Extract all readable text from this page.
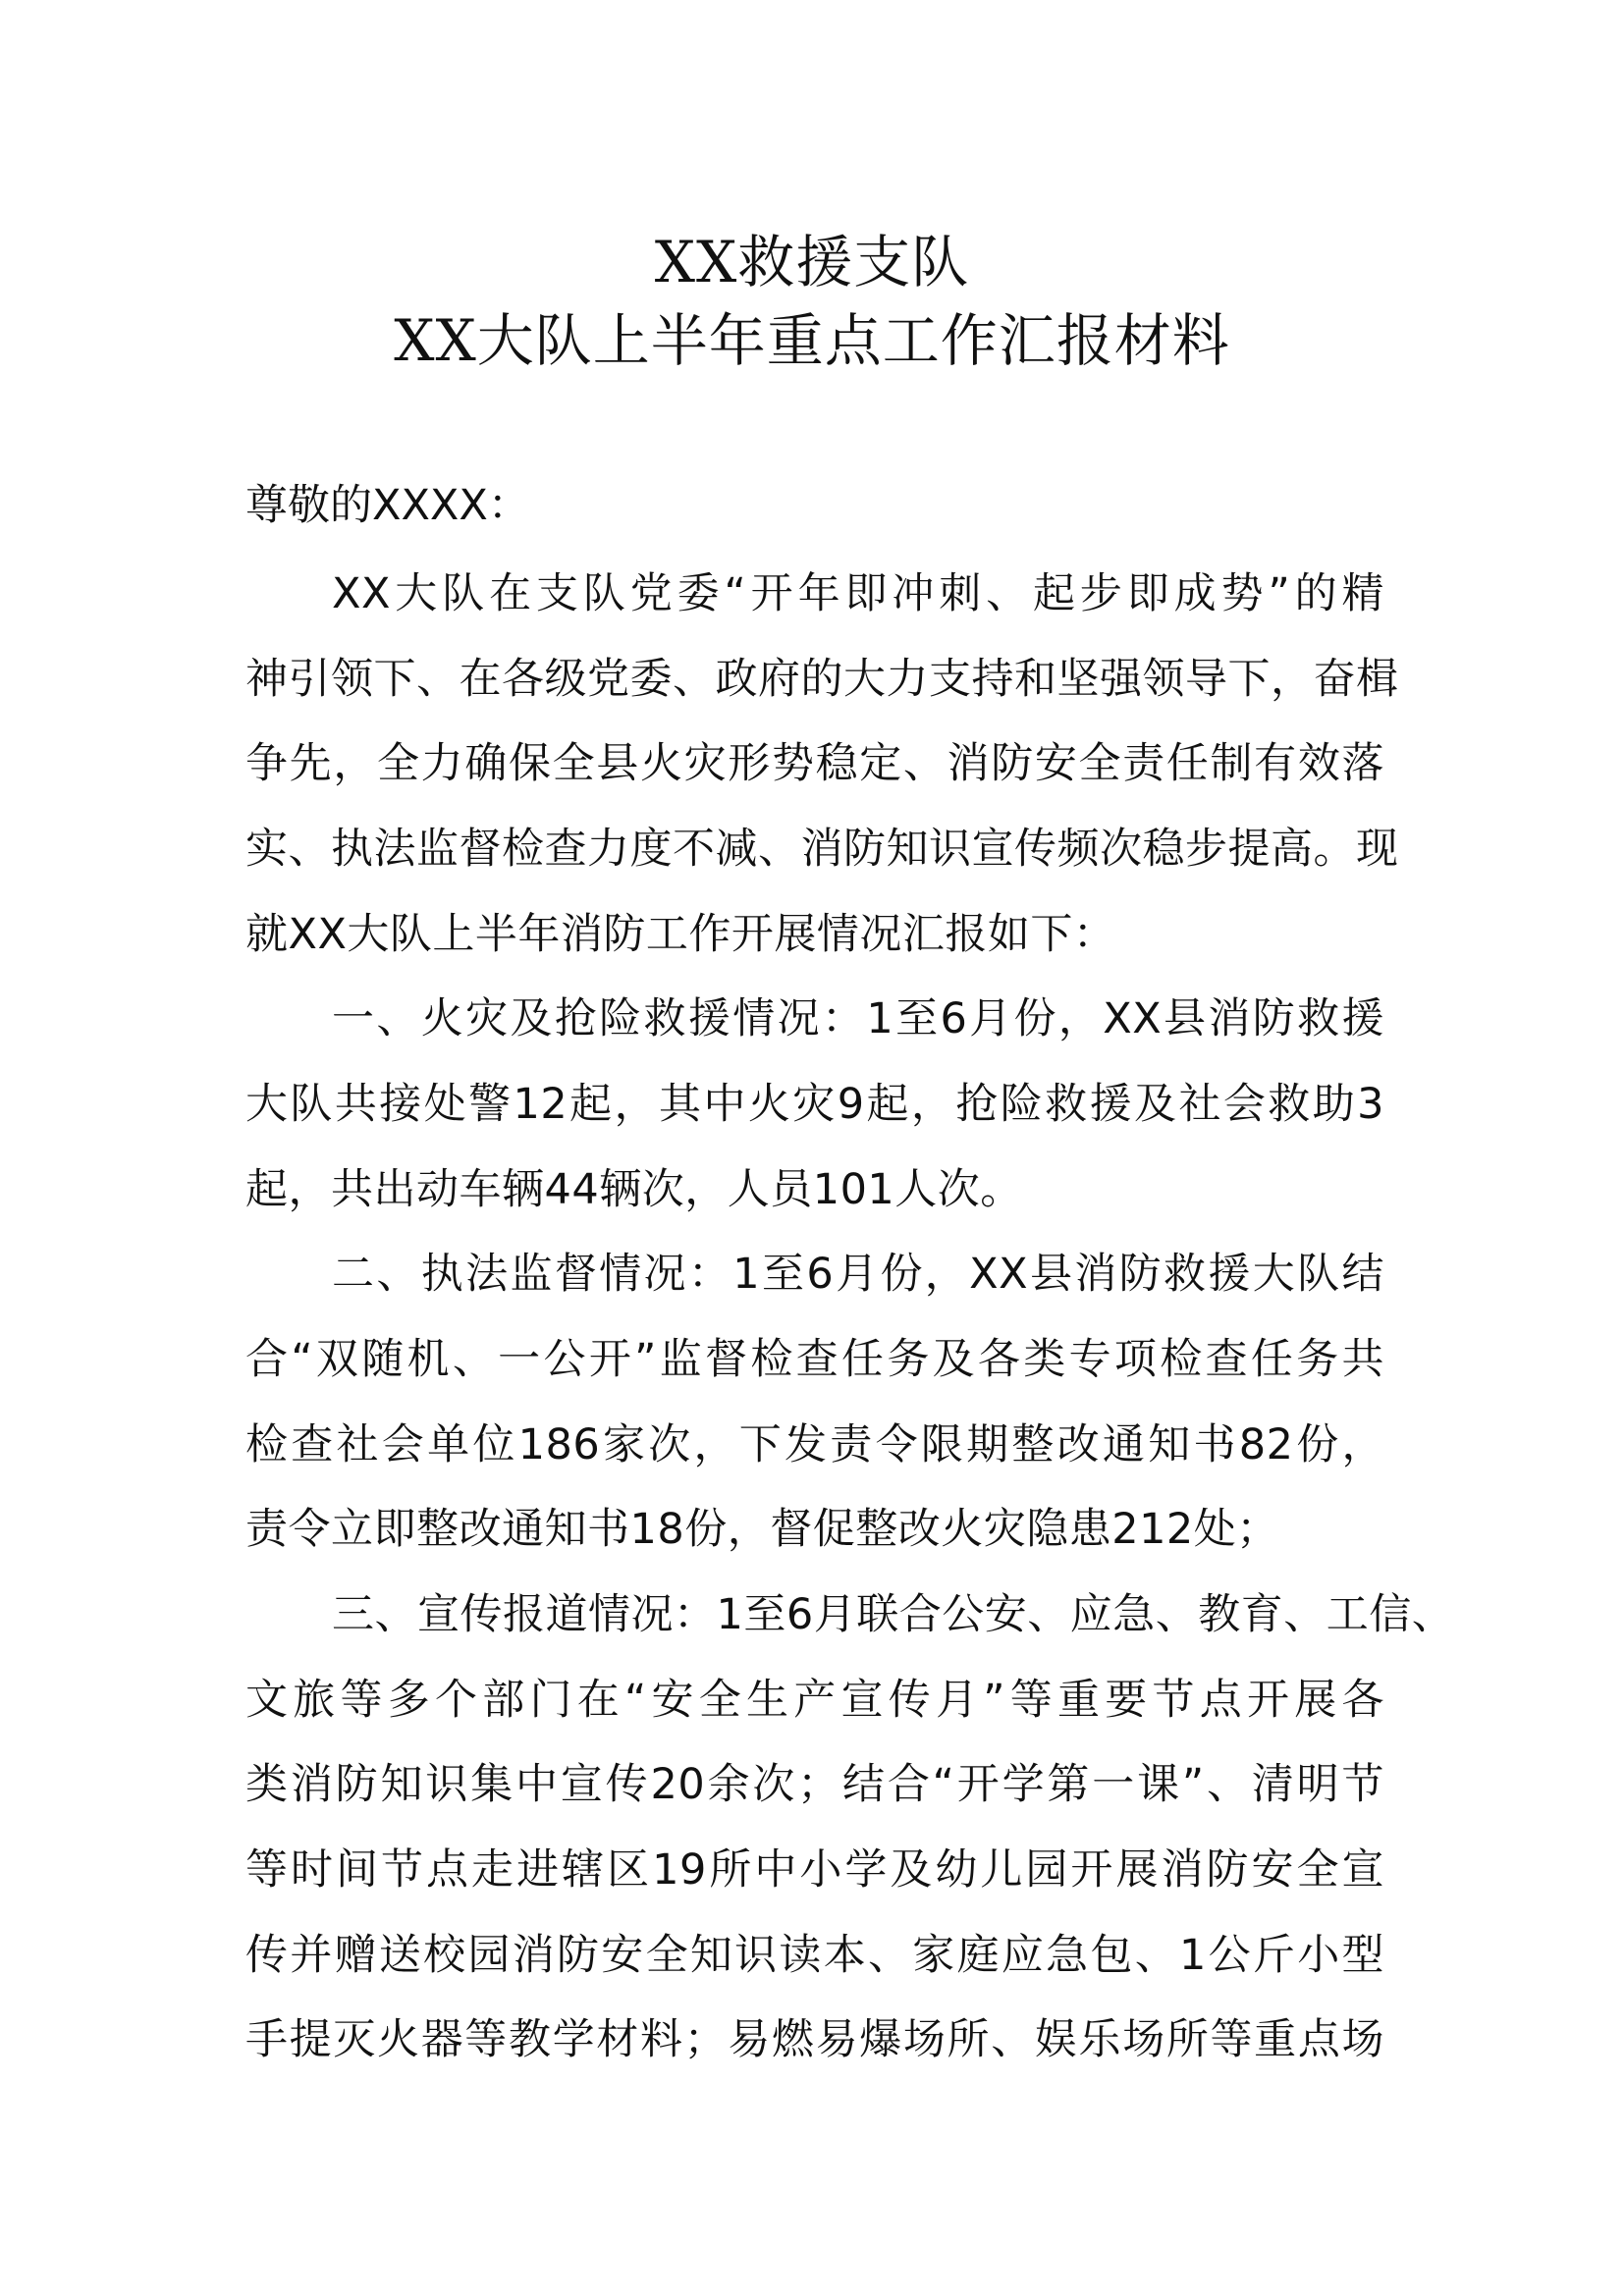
XX救援支队
XX大队上半年重点工作汇报材料
尊敬的XXXX：
XX大队在支队党委“开年即冲刺、起步即成势”的精
神引领下、在各级党委、政府的大力支持和坚强领导下，奋楫
争先，全力确保全县火灾形势稳定、消防安全责任制有效落
实、执法监督检查力度不减、消防知识宣传频次稳步提高。现
就XX大队上半年消防工作开展情况汇报如下：
一、火灾及抢险救援情况：1至6月份，XX县消防救援
大队共接处警12起，其中火灾9起，抢险救援及社会救助3
起，共出动车辆44辆次，人员101人次。
二、执法监督情况：1至6月份，XX县消防救援大队结
合“双随机、一公开”监督检查任务及各类专项检查任务共
检查社会单位186家次，下发责令限期整改通知书82份，
责令立即整改通知书18份，督促整改火灾隐患212处；
三、宣传报道情况：1至6月联合公安、应急、教育、工信、
文旅等多个部门在“安全生产宣传月”等重要节点开展各
类消防知识集中宣传20余次；结合“开学第一课”、清明节
等时间节点走进辖区19所中小学及幼儿园开展消防安全宣
传并赠送校园消防安全知识读本、家庭应急包、1公斤小型
手提灭火器等教学材料；易燃易爆场所、娱乐场所等重点场
